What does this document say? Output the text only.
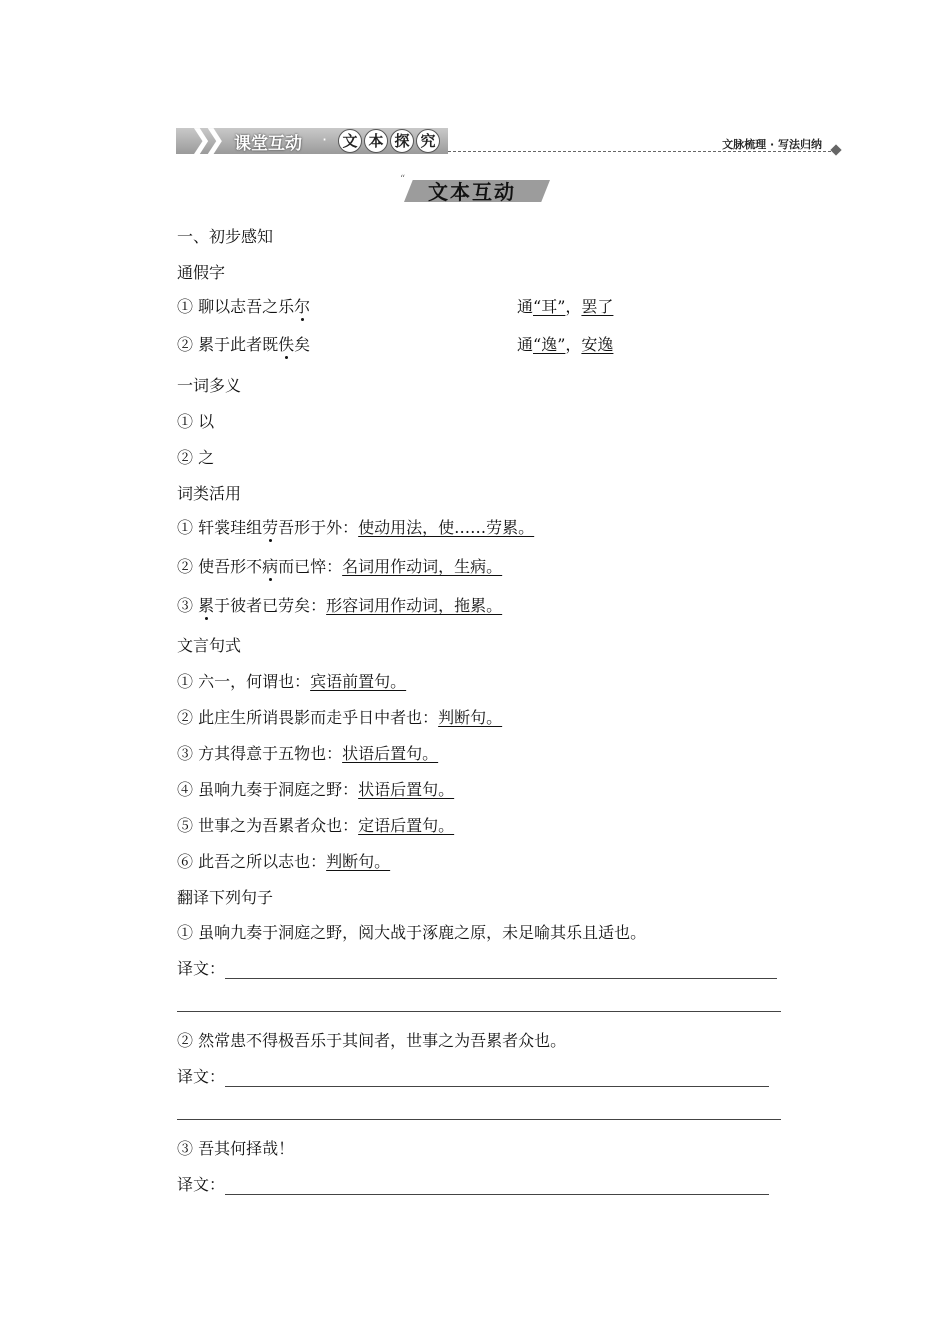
❯❯ 课堂互动 · 文 本 探 究	文脉梳理 · 写法归纳
“
文本互动
一、初步感知
通假字
① 聊以志吾之乐尔	通“耳”，罢了
② 累于此者既佚矣	通“逸”，安逸
一词多义
① 以
② 之
词类活用
① 轩裳珪组劳吾形于外：使动用法，使……劳累。
② 使吾形不病而已悴：名词用作动词，生病。
③ 累于彼者已劳矣：形容词用作动词，拖累。
文言句式
① 六一，何谓也：宾语前置句。
② 此庄生所诮畏影而走乎日中者也：判断句。
③ 方其得意于五物也：状语后置句。
④ 虽响九奏于洞庭之野：状语后置句。
⑤ 世事之为吾累者众也：定语后置句。
⑥ 此吾之所以志也：判断句。
翻译下列句子
① 虽响九奏于洞庭之野，阅大战于涿鹿之原，未足喻其乐且适也。
译文：
② 然常患不得极吾乐于其间者，世事之为吾累者众也。
译文：
③ 吾其何择哉！
译文：
